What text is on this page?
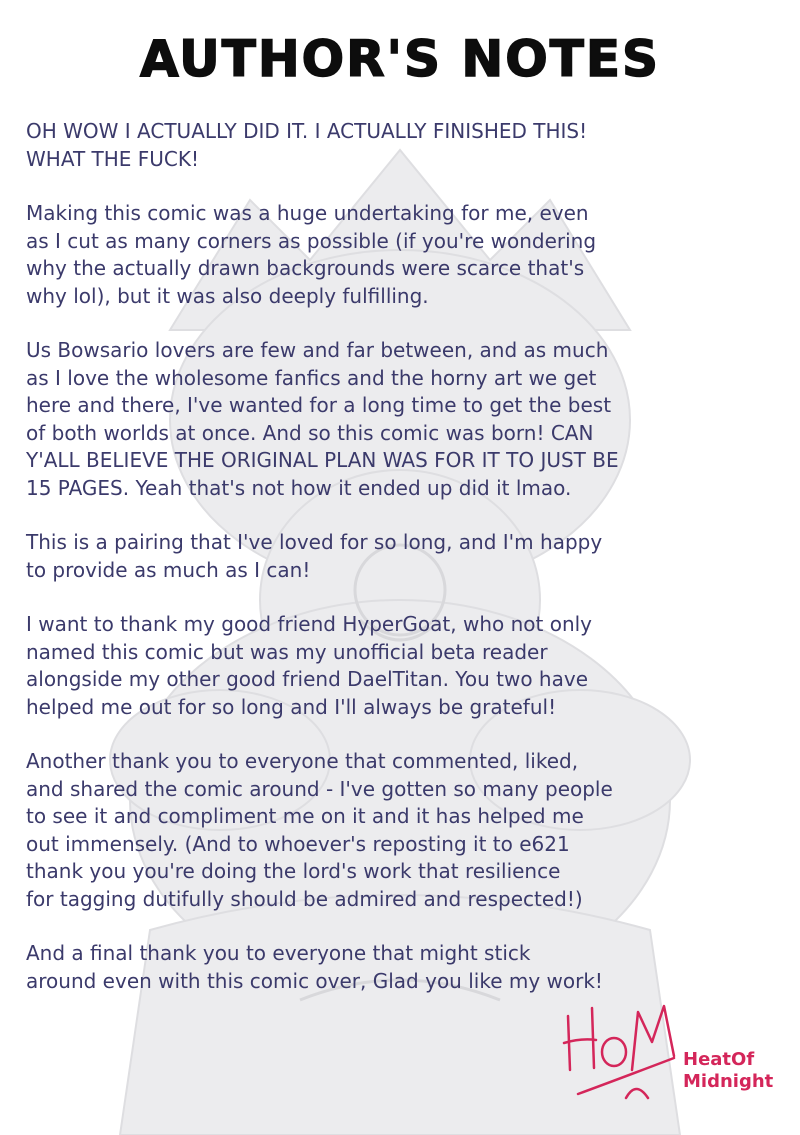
AUTHOR'S NOTES
OH WOW I ACTUALLY DID IT. I ACTUALLY FINISHED THIS!
WHAT THE FUCK!
Making this comic was a huge undertaking for me, even
as I cut as many corners as possible (if you're wondering
why the actually drawn backgrounds were scarce that's
why lol), but it was also deeply fulfilling.
Us Bowsario lovers are few and far between, and as much
as I love the wholesome fanfics and the horny art we get
here and there, I've wanted for a long time to get the best
of both worlds at once. And so this comic was born! CAN
Y'ALL BELIEVE THE ORIGINAL PLAN WAS FOR IT TO JUST BE
15 PAGES. Yeah that's not how it ended up did it lmao.
This is a pairing that I've loved for so long, and I'm happy
to provide as much as I can!
I want to thank my good friend HyperGoat, who not only
named this comic but was my unofficial beta reader
alongside my other good friend DaelTitan. You two have
helped me out for so long and I'll always be grateful!
Another thank you to everyone that commented, liked,
and shared the comic around - I've gotten so many people
to see it and compliment me on it and it has helped me
out immensely. (And to whoever's reposting it to e621
thank you you're doing the lord's work that resilience
for tagging dutifully should be admired and respected!)
And a final thank you to everyone that might stick
around even with this comic over, Glad you like my work!
HeatOf
Midnight
